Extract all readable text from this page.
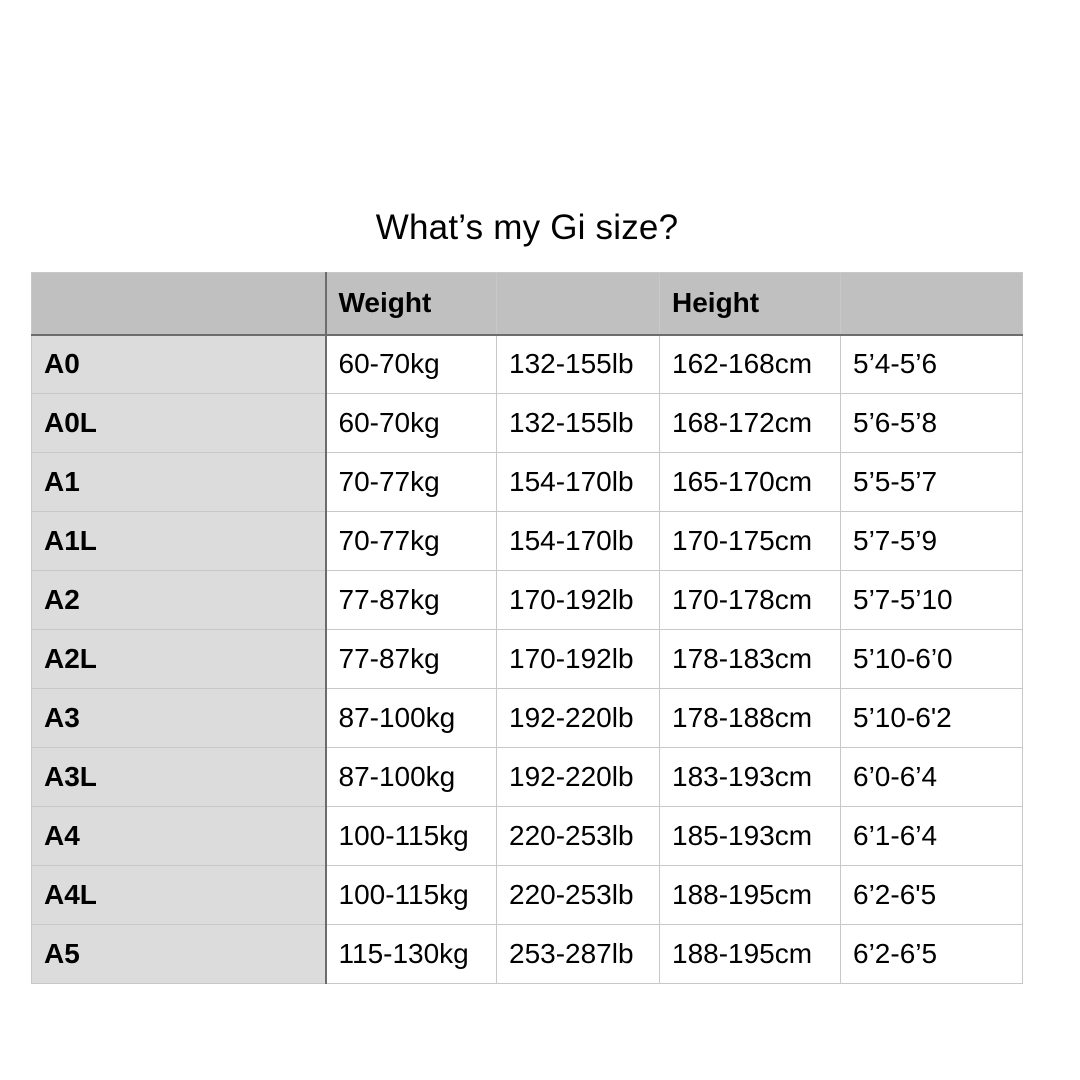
What’s my Gi size?
	Weight		Height	
A0	60-70kg	132-155lb	162-168cm	5’4-5’6
A0L	60-70kg	132-155lb	168-172cm	5’6-5’8
A1	70-77kg	154-170lb	165-170cm	5’5-5’7
A1L	70-77kg	154-170lb	170-175cm	5’7-5’9
A2	77-87kg	170-192lb	170-178cm	5’7-5’10
A2L	77-87kg	170-192lb	178-183cm	5’10-6’0
A3	87-100kg	192-220lb	178-188cm	5’10-6'2
A3L	87-100kg	192-220lb	183-193cm	6’0-6’4
A4	100-115kg	220-253lb	185-193cm	6’1-6’4
A4L	100-115kg	220-253lb	188-195cm	6’2-6'5
A5	115-130kg	253-287lb	188-195cm	6’2-6’5
